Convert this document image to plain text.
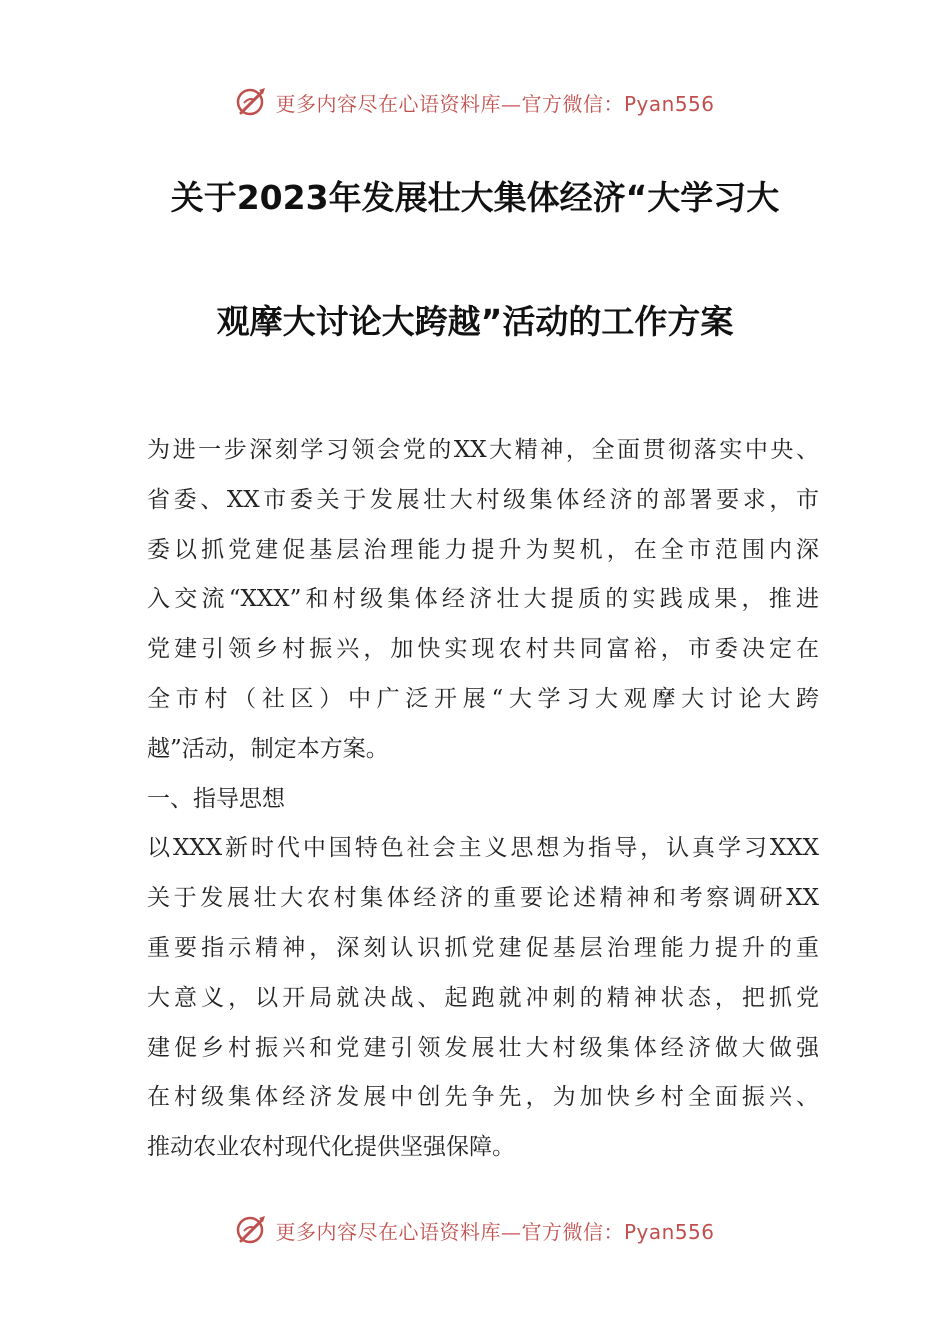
更多内容尽在心语资料库—官方微信：Pyan556
关于2023年发展壮大集体经济“大学习大
观摩大讨论大跨越”活动的工作方案
为进一步深刻学习领会党的XX大精神，全面贯彻落实中央、
省委、XX市委关于发展壮大村级集体经济的部署要求，市
委以抓党建促基层治理能力提升为契机，在全市范围内深
入交流“XXX”和村级集体经济壮大提质的实践成果，推进
党建引领乡村振兴，加快实现农村共同富裕，市委决定在
全市村（社区）中广泛开展“大学习大观摩大讨论大跨
越”活动，制定本方案。
一、指导思想
以XXX新时代中国特色社会主义思想为指导，认真学习XXX
关于发展壮大农村集体经济的重要论述精神和考察调研XX
重要指示精神，深刻认识抓党建促基层治理能力提升的重
大意义，以开局就决战、起跑就冲刺的精神状态，把抓党
建促乡村振兴和党建引领发展壮大村级集体经济做大做强
在村级集体经济发展中创先争先，为加快乡村全面振兴、
推动农业农村现代化提供坚强保障。
更多内容尽在心语资料库—官方微信：Pyan556
